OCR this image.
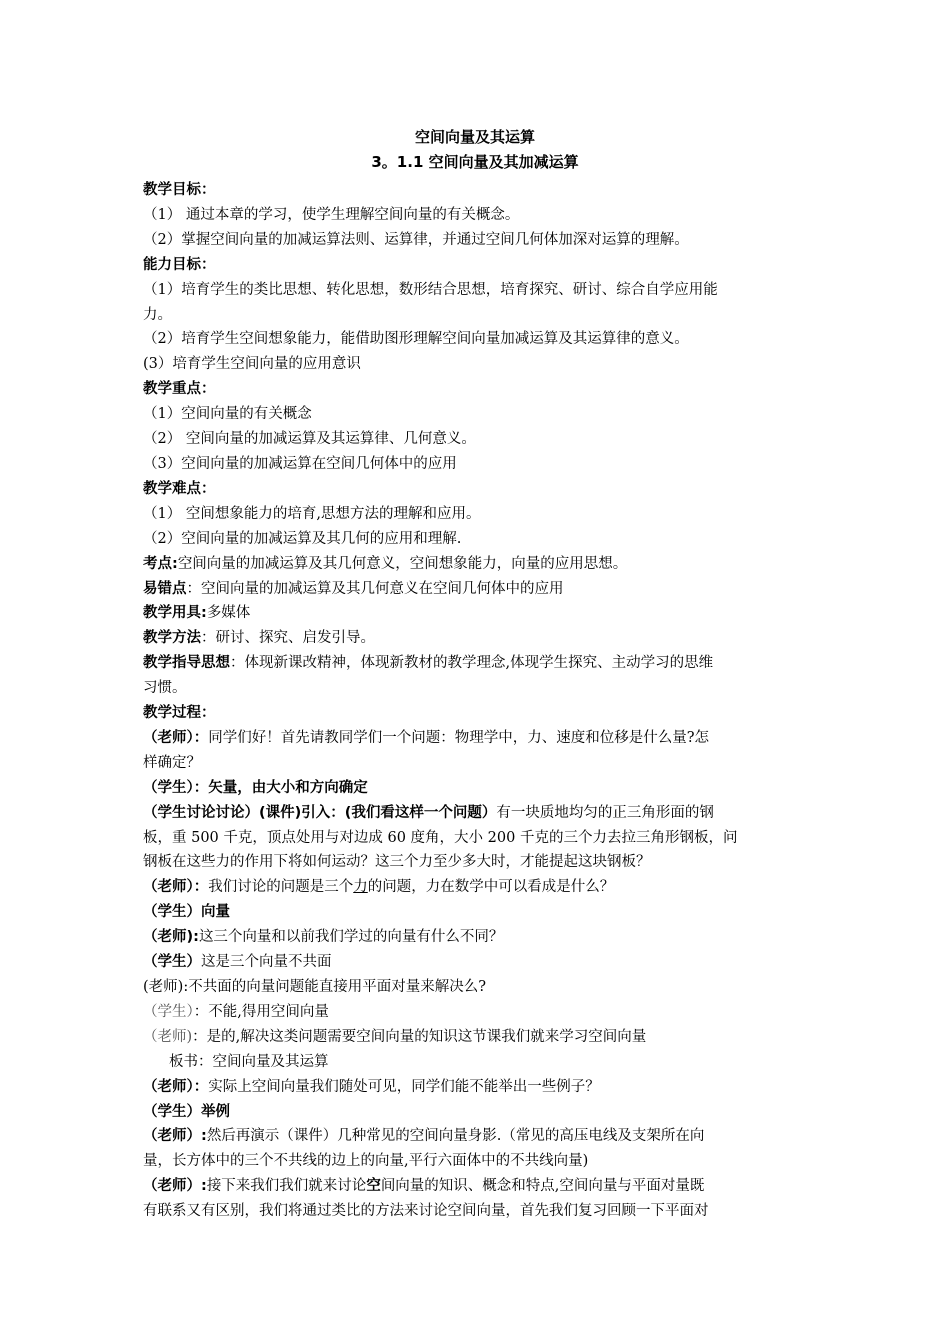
空间向量及其运算
3。1.1 空间向量及其加减运算

教学目标：

（1） 通过本章的学习，使学生理解空间向量的有关概念。

（2）掌握空间向量的加减运算法则、运算律，并通过空间几何体加深对运算的理解。

能力目标：

（1）培育学生的类比思想、转化思想，数形结合思想，培育探究、研讨、综合自学应用能

力。

（2）培育学生空间想象能力，能借助图形理解空间向量加减运算及其运算律的意义。

(3）培育学生空间向量的应用意识

教学重点：

（1）空间向量的有关概念

（2） 空间向量的加减运算及其运算律、几何意义。

（3）空间向量的加减运算在空间几何体中的应用

教学难点：

（1） 空间想象能力的培育,思想方法的理解和应用。

（2）空间向量的加减运算及其几何的应用和理解.

考点:空间向量的加减运算及其几何意义，空间想象能力，向量的应用思想。

易错点：空间向量的加减运算及其几何意义在空间几何体中的应用

教学用具:多媒体

教学方法：研讨、探究、启发引导。

教学指导思想：体现新课改精神，体现新教材的教学理念,体现学生探究、主动学习的思维

习惯。

教学过程：

（老师）：同学们好！首先请教同学们一个问题：物理学中，力、速度和位移是什么量?怎

样确定？

（学生）：矢量，由大小和方向确定

（学生讨论讨论）(课件)引入：(我们看这样一个问题）有一块质地均匀的正三角形面的钢

板，重 500 千克，顶点处用与对边成 60 度角，大小 200 千克的三个力去拉三角形钢板，问

钢板在这些力的作用下将如何运动？这三个力至少多大时，才能提起这块钢板？

（老师）：我们讨论的问题是三个力的问题，力在数学中可以看成是什么？

（学生）向量

（老师):这三个向量和以前我们学过的向量有什么不同？

（学生）这是三个向量不共面

(老师):不共面的向量问题能直接用平面对量来解决么?

（学生）：不能,得用空间向量

（老师)：是的,解决这类问题需要空间向量的知识这节课我们就来学习空间向量

板书：空间向量及其运算

（老师）：实际上空间向量我们随处可见，同学们能不能举出一些例子？

（学生）举例

（老师）:然后再演示（课件）几种常见的空间向量身影.（常见的高压电线及支架所在向

量，长方体中的三个不共线的边上的向量,平行六面体中的不共线向量)

（老师）:接下来我们我们就来讨论空间向量的知识、概念和特点,空间向量与平面对量既

有联系又有区别，我们将通过类比的方法来讨论空间向量，首先我们复习回顾一下平面对
